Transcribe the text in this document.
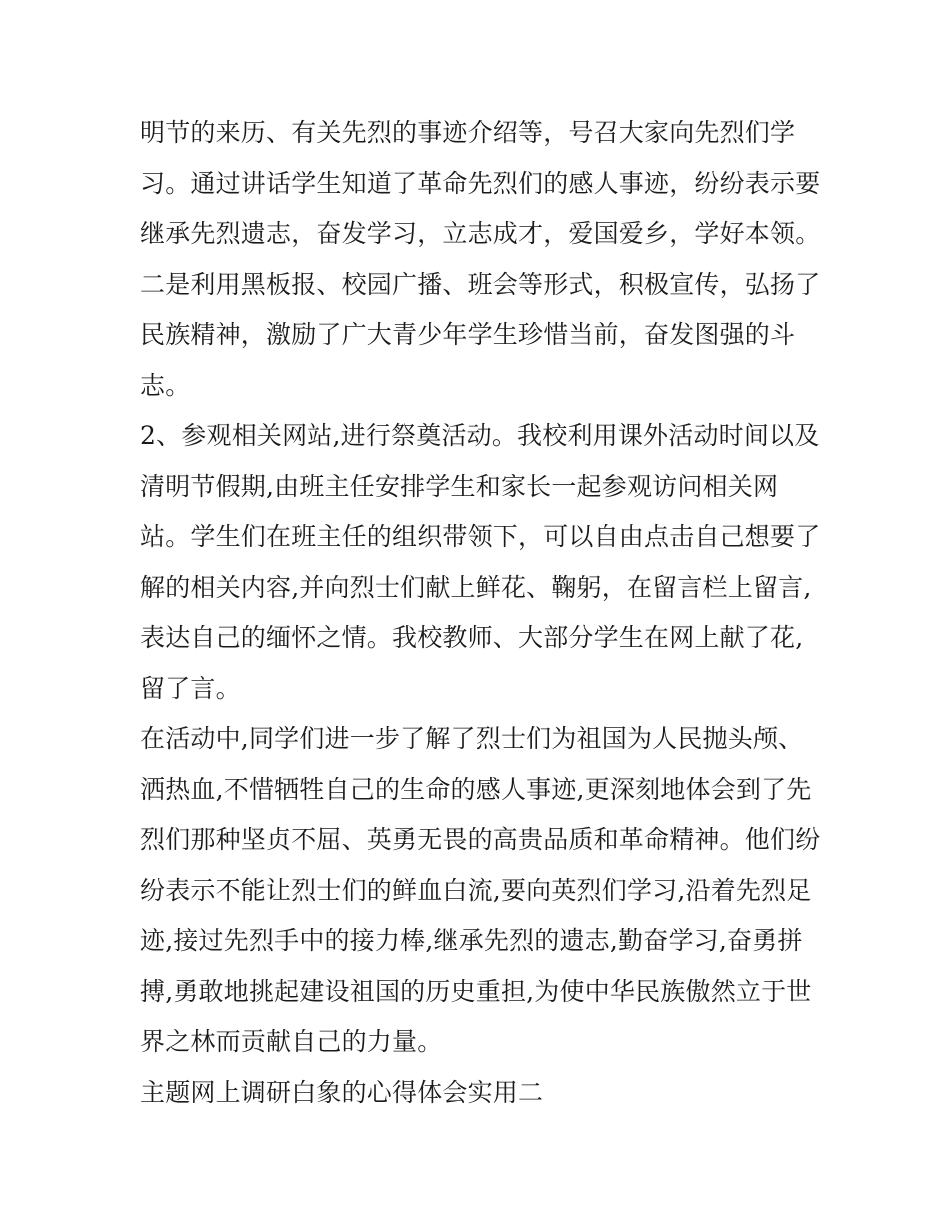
明节的来历、有关先烈的事迹介绍等，号召大家向先烈们学
习。通过讲话学生知道了革命先烈们的感人事迹，纷纷表示要
继承先烈遗志，奋发学习，立志成才，爱国爱乡，学好本领。
二是利用黑板报、校园广播、班会等形式，积极宣传，弘扬了
民族精神，激励了广大青少年学生珍惜当前，奋发图强的斗
志。
2、参观相关网站,进行祭奠活动。我校利用课外活动时间以及
清明节假期,由班主任安排学生和家长一起参观访问相关网
站。学生们在班主任的组织带领下，可以自由点击自己想要了
解的相关内容,并向烈士们献上鲜花、鞠躬，在留言栏上留言,
表达自己的缅怀之情。我校教师、大部分学生在网上献了花,
留了言。
在活动中,同学们进一步了解了烈士们为祖国为人民抛头颅、
洒热血,不惜牺牲自己的生命的感人事迹,更深刻地体会到了先
烈们那种坚贞不屈、英勇无畏的高贵品质和革命精神。他们纷
纷表示不能让烈士们的鲜血白流,要向英烈们学习,沿着先烈足
迹,接过先烈手中的接力棒,继承先烈的遗志,勤奋学习,奋勇拼
搏,勇敢地挑起建设祖国的历史重担,为使中华民族傲然立于世
界之林而贡献自己的力量。
主题网上调研白象的心得体会实用二
